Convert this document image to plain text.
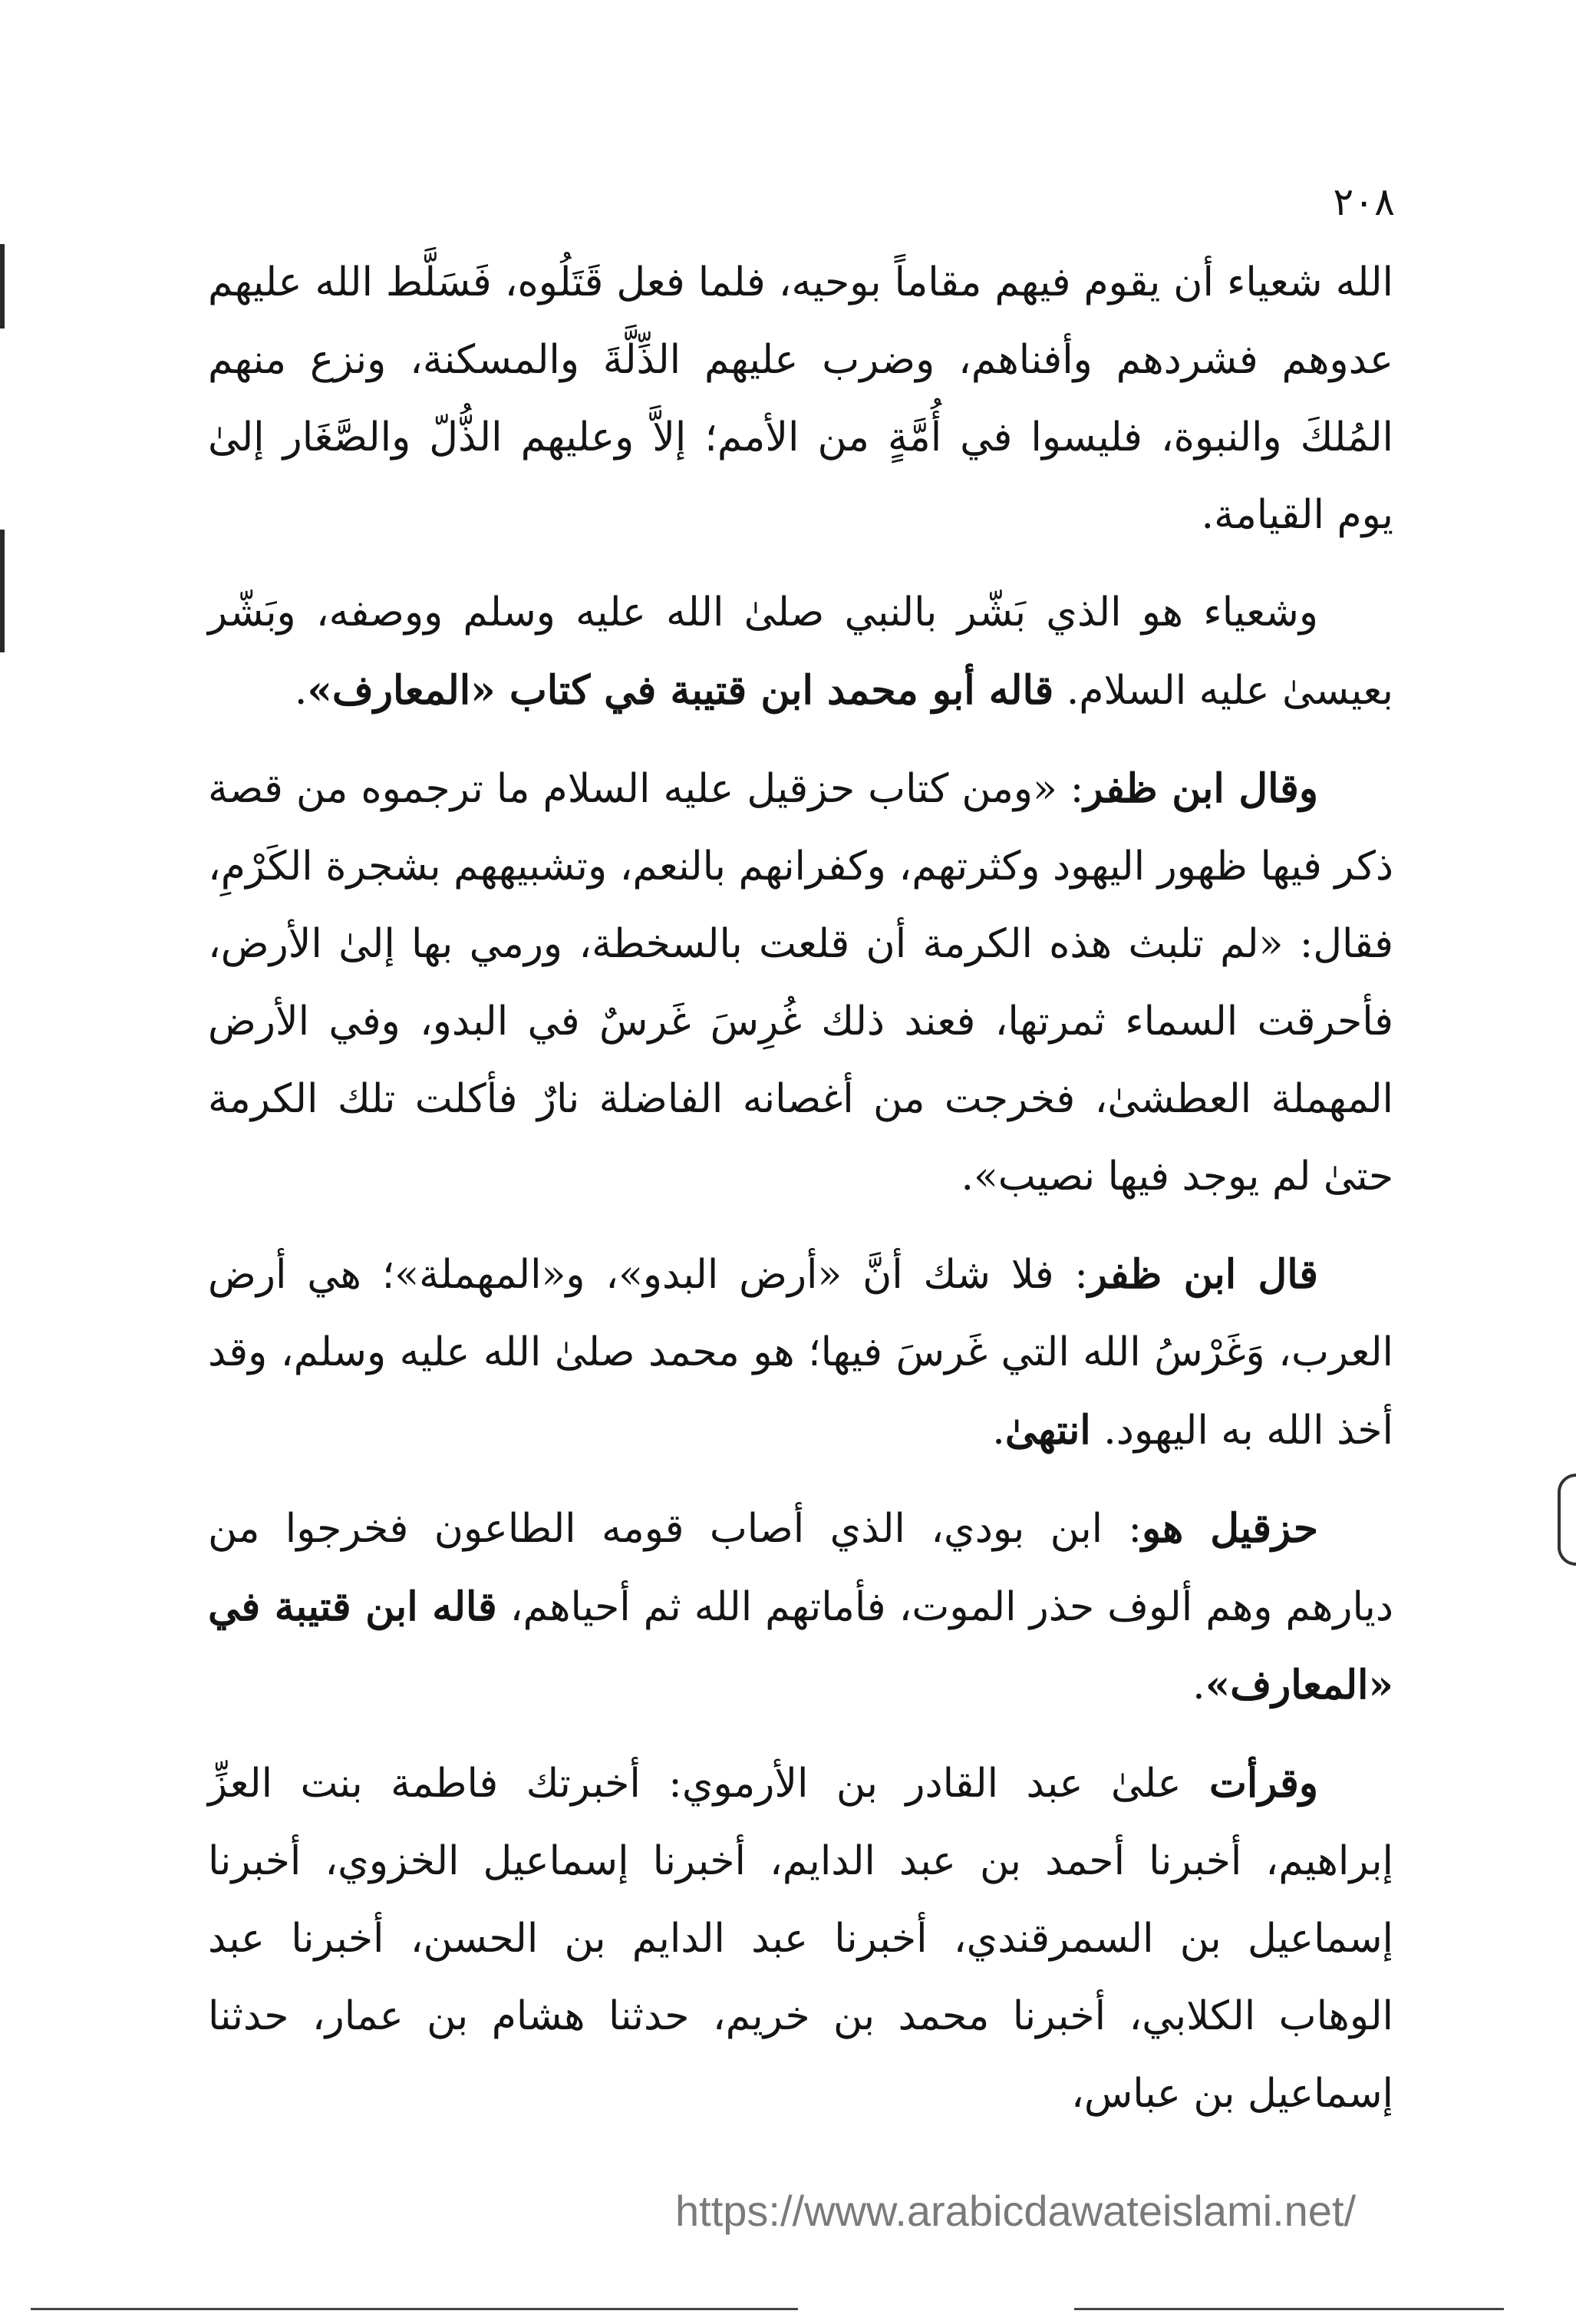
٢٠٨

الله شعياء أن يقوم فيهم مقاماً بوحيه، فلما فعل قَتَلُوه، فَسَلَّط الله عليهم عدوهم فشردهم وأفناهم، وضرب عليهم الذِّلَّةَ والمسكنة، ونزع منهم المُلكَ والنبوة، فليسوا في أُمَّةٍ من الأمم؛ إلاَّ وعليهم الذُّلّ والصَّغَار إلىٰ يوم القيامة.

وشعياء هو الذي بَشّر بالنبي صلىٰ الله عليه وسلم ووصفه، وبَشّر بعيسىٰ عليه السلام. قاله أبو محمد ابن قتيبة في كتاب «المعارف».

وقال ابن ظفر: «ومن كتاب حزقيل عليه السلام ما ترجموه من قصة ذكر فيها ظهور اليهود وكثرتهم، وكفرانهم بالنعم، وتشبيههم بشجرة الكَرْمِ، فقال: «لم تلبث هذه الكرمة أن قلعت بالسخطة، ورمي بها إلىٰ الأرض، فأحرقت السماء ثمرتها، فعند ذلك غُرِسَ غَرسٌ في البدو، وفي الأرض المهملة العطشىٰ، فخرجت من أغصانه الفاضلة نارٌ فأكلت تلك الكرمة حتىٰ لم يوجد فيها نصيب».

قال ابن ظفر: فلا شك أنَّ «أرض البدو»، و«المهملة»؛ هي أرض العرب، وَغَرْسُ الله التي غَرسَ فيها؛ هو محمد صلىٰ الله عليه وسلم، وقد أخذ الله به اليهود. انتهىٰ.

حزقيل هو: ابن بودي، الذي أصاب قومه الطاعون فخرجوا من ديارهم وهم ألوف حذر الموت، فأماتهم الله ثم أحياهم، قاله ابن قتيبة في «المعارف».

وقرأت علىٰ عبد القادر بن الأرموي: أخبرتك فاطمة بنت العزِّ إبراهيم، أخبرنا أحمد بن عبد الدايم، أخبرنا إسماعيل الخزوي، أخبرنا إسماعيل بن السمرقندي، أخبرنا عبد الدايم بن الحسن، أخبرنا عبد الوهاب الكلابي، أخبرنا محمد بن خريم، حدثنا هشام بن عمار، حدثنا إسماعيل بن عباس،

https://www.arabicdawateislami.net/
